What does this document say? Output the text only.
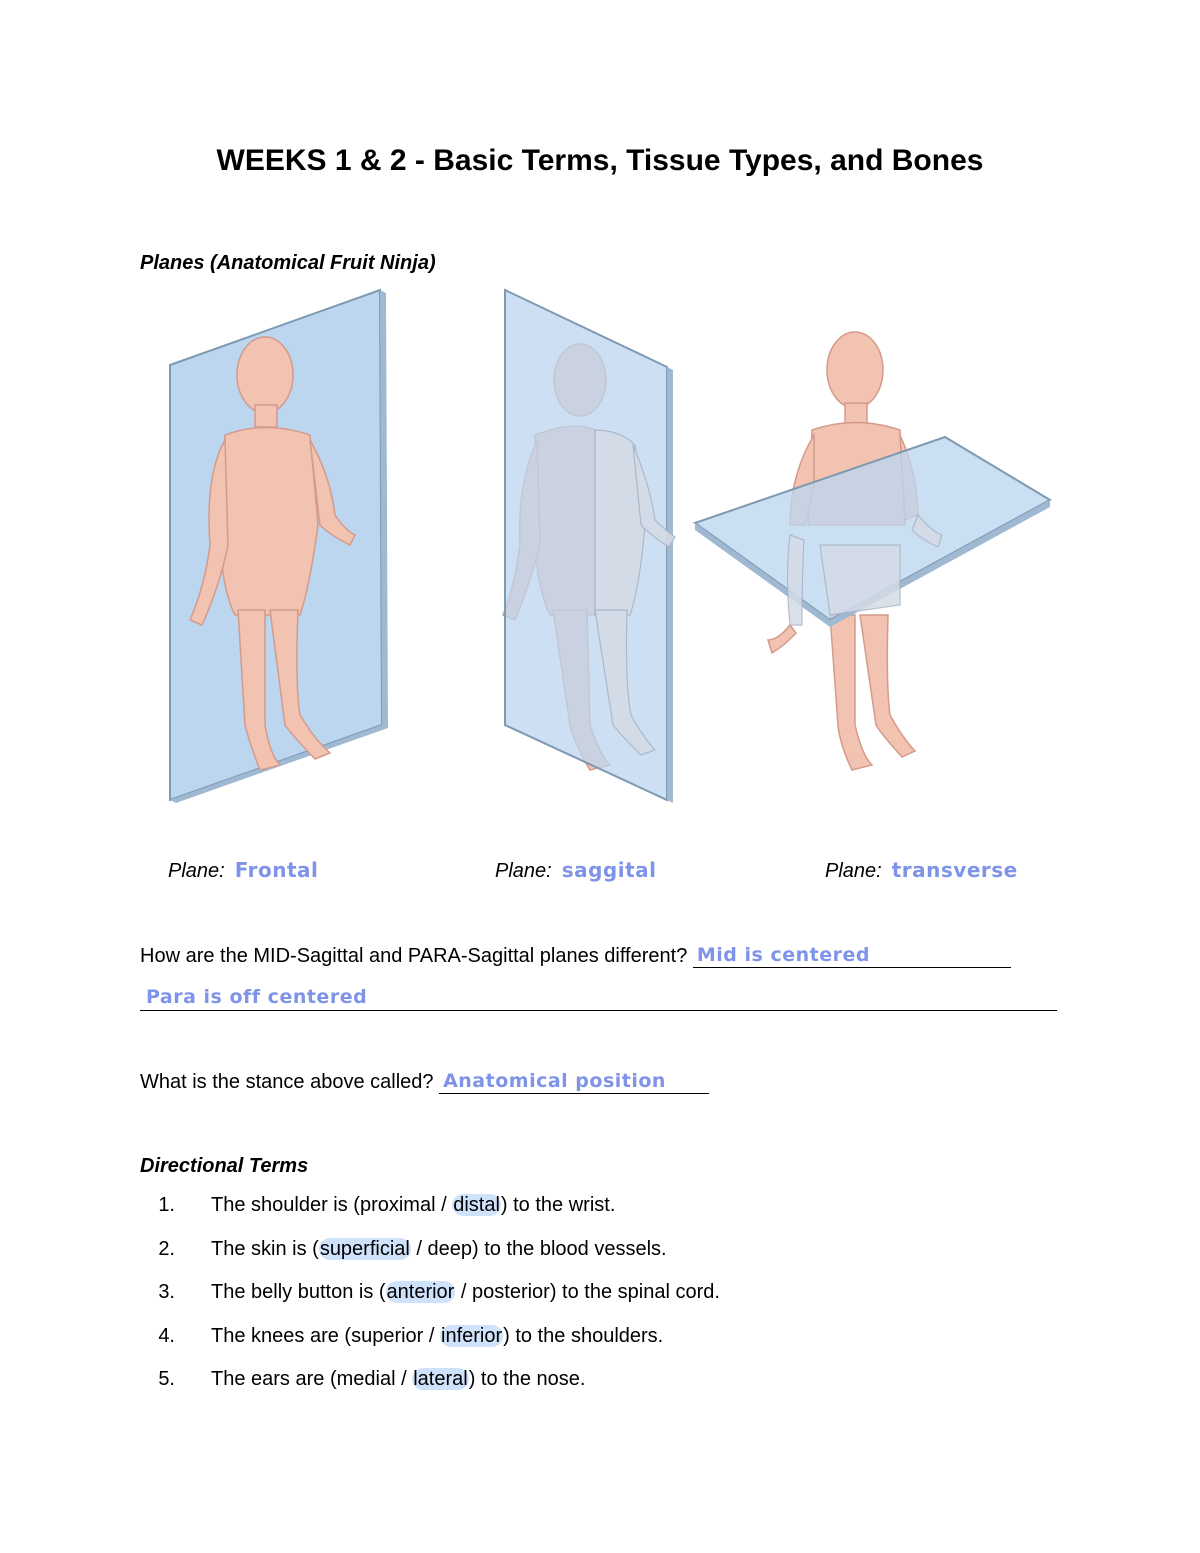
WEEKS 1 & 2 - Basic Terms, Tissue Types, and Bones
Planes (Anatomical Fruit Ninja)
Plane: Frontal	Plane: saggital	Plane: transverse
How are the MID-Sagittal and PARA-Sagittal planes different? Mid is centered
Para is off centered
What is the stance above called? Anatomical position
Directional Terms
1. The shoulder is (proximal / distal) to the wrist.
2. The skin is (superficial / deep) to the blood vessels.
3. The belly button is (anterior / posterior) to the spinal cord.
4. The knees are (superior / inferior) to the shoulders.
5. The ears are (medial / lateral) to the nose.
